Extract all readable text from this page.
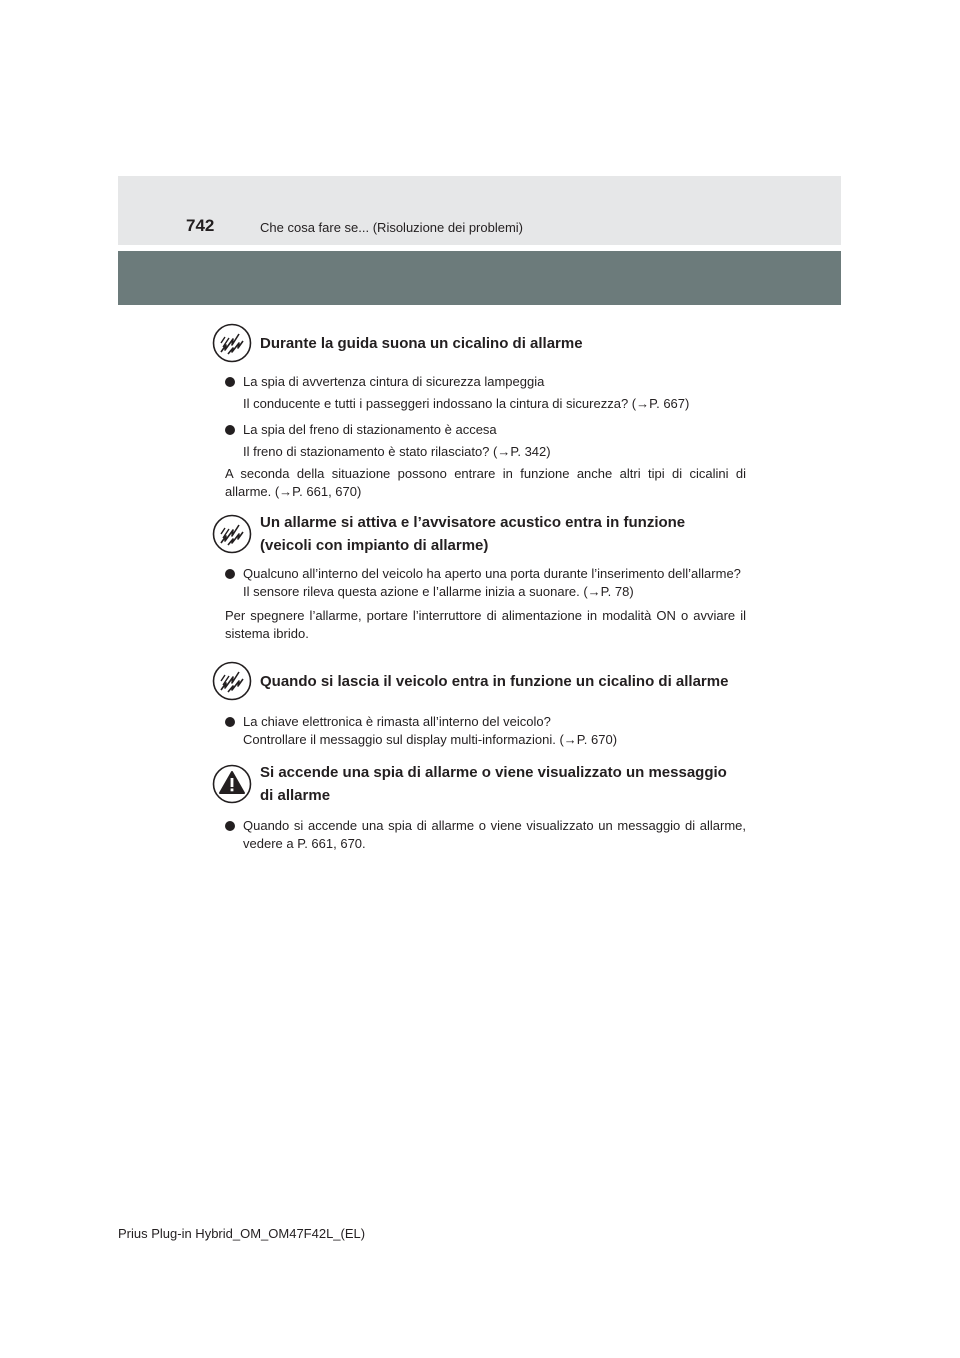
742	Che cosa fare se... (Risoluzione dei problemi)
Durante la guida suona un cicalino di allarme
La spia di avvertenza cintura di sicurezza lampeggia
Il conducente e tutti i passeggeri indossano la cintura di sicurezza? (→P. 667)
La spia del freno di stazionamento è accesa
Il freno di stazionamento è stato rilasciato? (→P. 342)
A seconda della situazione possono entrare in funzione anche altri tipi di cicalini di allarme. (→P. 661, 670)
Un allarme si attiva e l’avvisatore acustico entra in funzione
(veicoli con impianto di allarme)
Qualcuno all’interno del veicolo ha aperto una porta durante l’inserimento dell’allarme?
Il sensore rileva questa azione e l’allarme inizia a suonare. (→P. 78)
Per spegnere l’allarme, portare l’interruttore di alimentazione in modalità ON o avviare il sistema ibrido.
Quando si lascia il veicolo entra in funzione un cicalino di allarme
La chiave elettronica è rimasta all’interno del veicolo?
Controllare il messaggio sul display multi-informazioni. (→P. 670)
Si accende una spia di allarme o viene visualizzato un messaggio
di allarme
Quando si accende una spia di allarme o viene visualizzato un messaggio di allarme, vedere a P. 661, 670.
Prius Plug-in Hybrid_OM_OM47F42L_(EL)
